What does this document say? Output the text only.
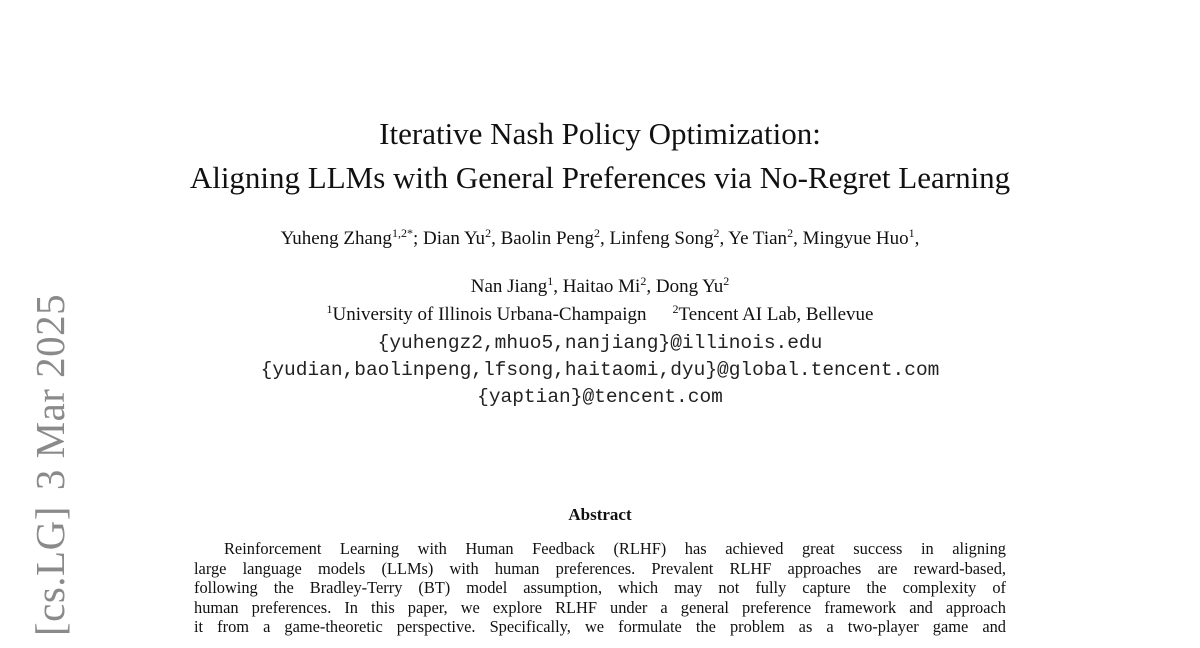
[cs.LG]3 Mar 2025
Iterative Nash Policy Optimization:
Aligning LLMs with General Preferences via No-Regret Learning
Yuheng Zhang$^{1,2*}$; Dian Yu$^2$, Baolin Peng$^2$, Linfeng Song$^2$, Ye Tian$^2$, Mingyue Huo$^1$,
Nan Jiang$^1$, Haitao Mi$^2$, Dong Yu$^2$
$^1$University of Illinois Urbana-Champaign $^2$Tencent AI Lab, Bellevue
{yuhengz2,mhuo5,nanjiang}@illinois.edu
{yudian,baolinpeng,lfsong,haitaomi,dyu}@global.tencent.com
{yaptian}@tencent.com
Abstract
Reinforcement Learning with Human Feedback (RLHF) has achieved great success in aligning
large language models (LLMs) with human preferences. Prevalent RLHF approaches are reward-based,
following the Bradley-Terry (BT) model assumption, which may not fully capture the complexity of
human preferences. In this paper, we explore RLHF under a general preference framework and approach
it from a game-theoretic perspective. Specifically, we formulate the problem as a two-player game and
